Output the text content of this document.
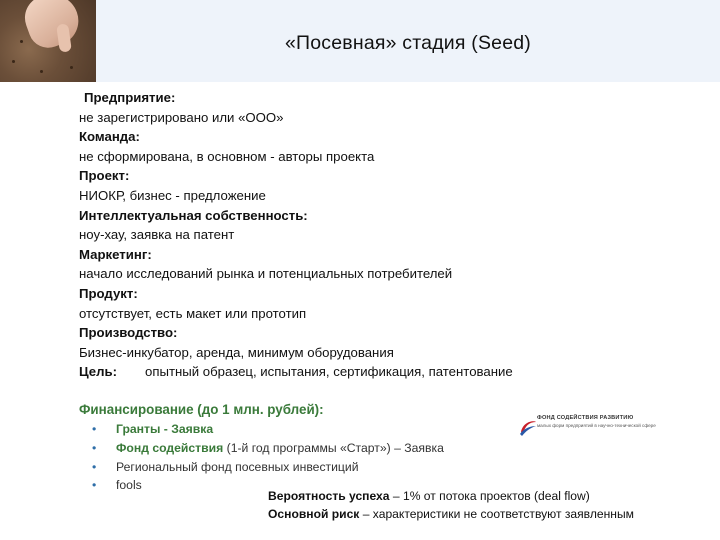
«Посевная» стадия (Seed)
Предприятие:
не зарегистрировано или «ООО»
Команда:
не сформирована, в основном - авторы проекта
Проект:
НИОКР, бизнес - предложение
Интеллектуальная собственность:
ноу-хау, заявка на патент
Маркетинг:
начало исследований рынка и потенциальных потребителей
Продукт:
отсутствует, есть макет или прототип
Производство:
Бизнес-инкубатор, аренда, минимум оборудования
Цель: опытный образец, испытания, сертификация, патентование
Финансирование (до 1 млн. рублей):
• Гранты - Заявка
• Фонд содействия (1-й год программы «Старт») – Заявка
• Региональный фонд посевных инвестиций
• fools
ФОНД СОДЕЙСТВИЯ РАЗВИТИЮ
малых форм предприятий в научно-технической сфере
Вероятность успеха – 1% от потока проектов (deal flow)
Основной риск – характеристики не соответствуют заявленным
